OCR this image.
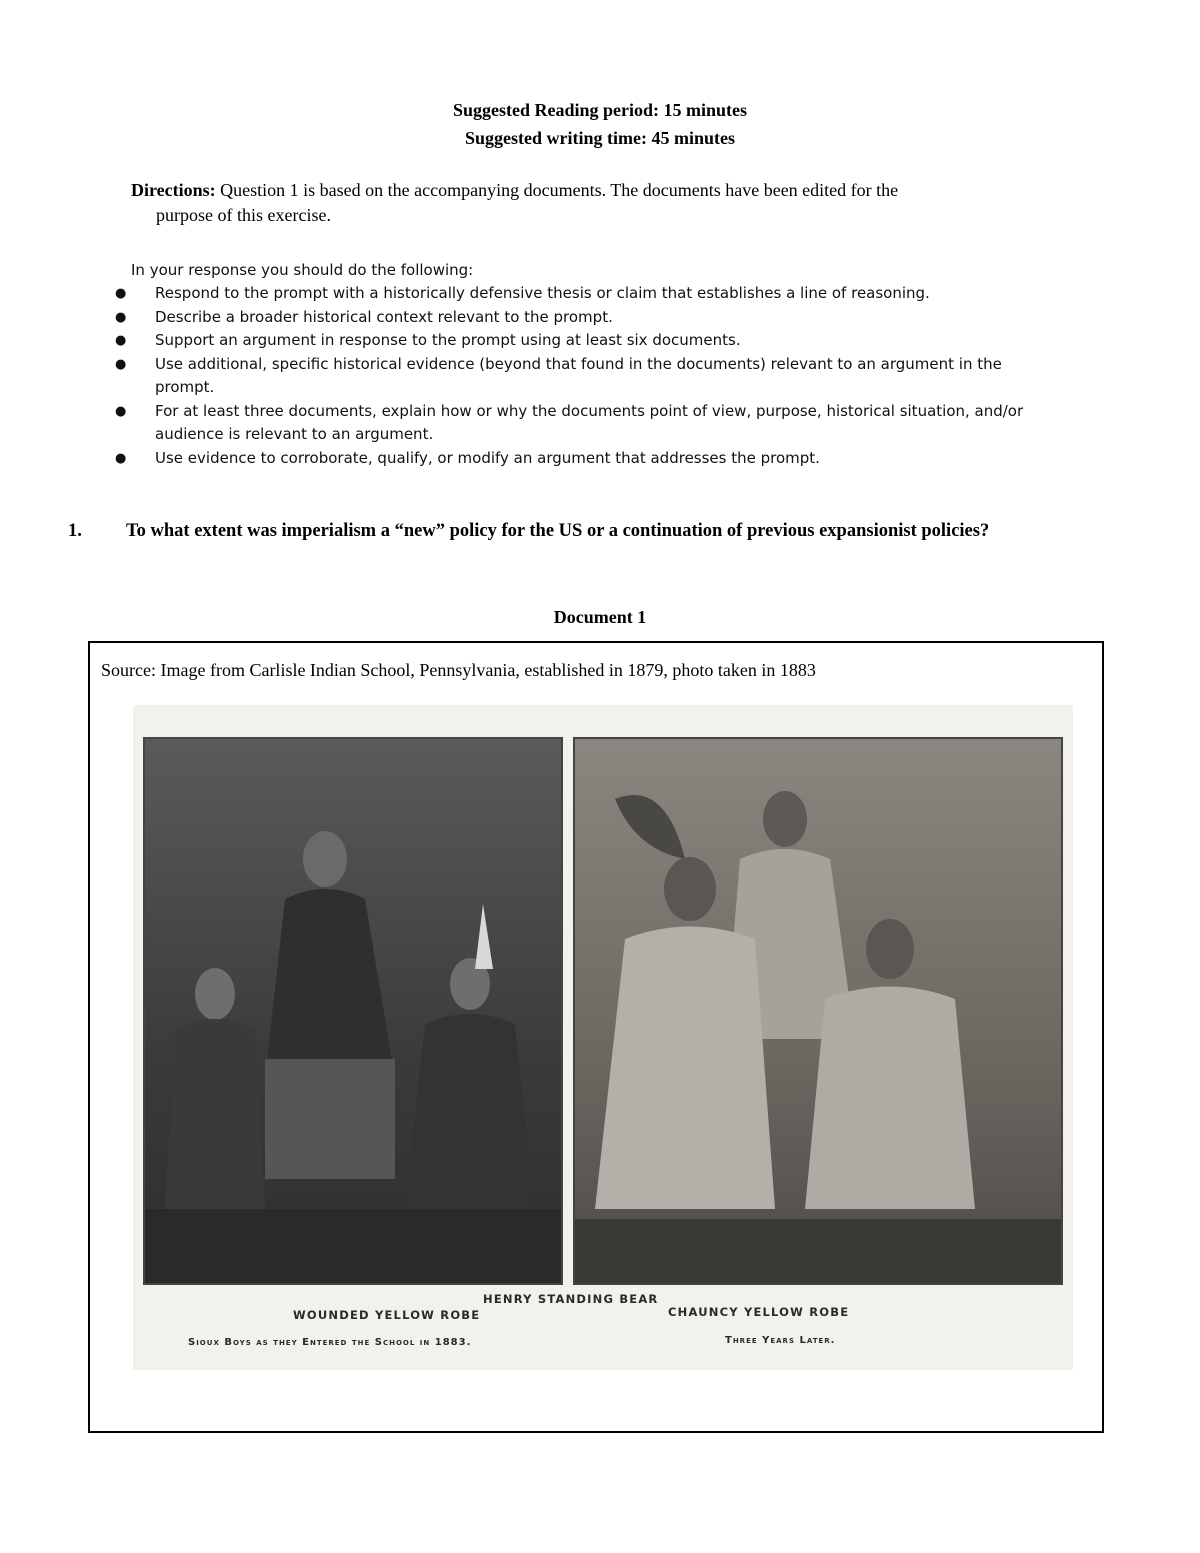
Suggested Reading period: 15 minutes
Suggested writing time: 45 minutes
Directions: Question 1 is based on the accompanying documents. The documents have been edited for the
purpose of this exercise.
In your response you should do the following:
● Respond to the prompt with a historically defensive thesis or claim that establishes a line of reasoning.
● Describe a broader historical context relevant to the prompt.
● Support an argument in response to the prompt using at least six documents.
● Use additional, specific historical evidence (beyond that found in the documents) relevant to an argument in the
prompt.
● For at least three documents, explain how or why the documents point of view, purpose, historical situation, and/or
audience is relevant to an argument.
● Use evidence to corroborate, qualify, or modify an argument that addresses the prompt.
1. To what extent was imperialism a “new” policy for the US or a continuation of previous expansionist policies?
Document 1
Source: Image from Carlisle Indian School, Pennsylvania, established in 1879, photo taken in 1883
HENRY STANDING BEAR
WOUNDED YELLOW ROBE	CHAUNCY YELLOW ROBE
Sioux Boys as they Entered the School in 1883.	Three Years Later.
